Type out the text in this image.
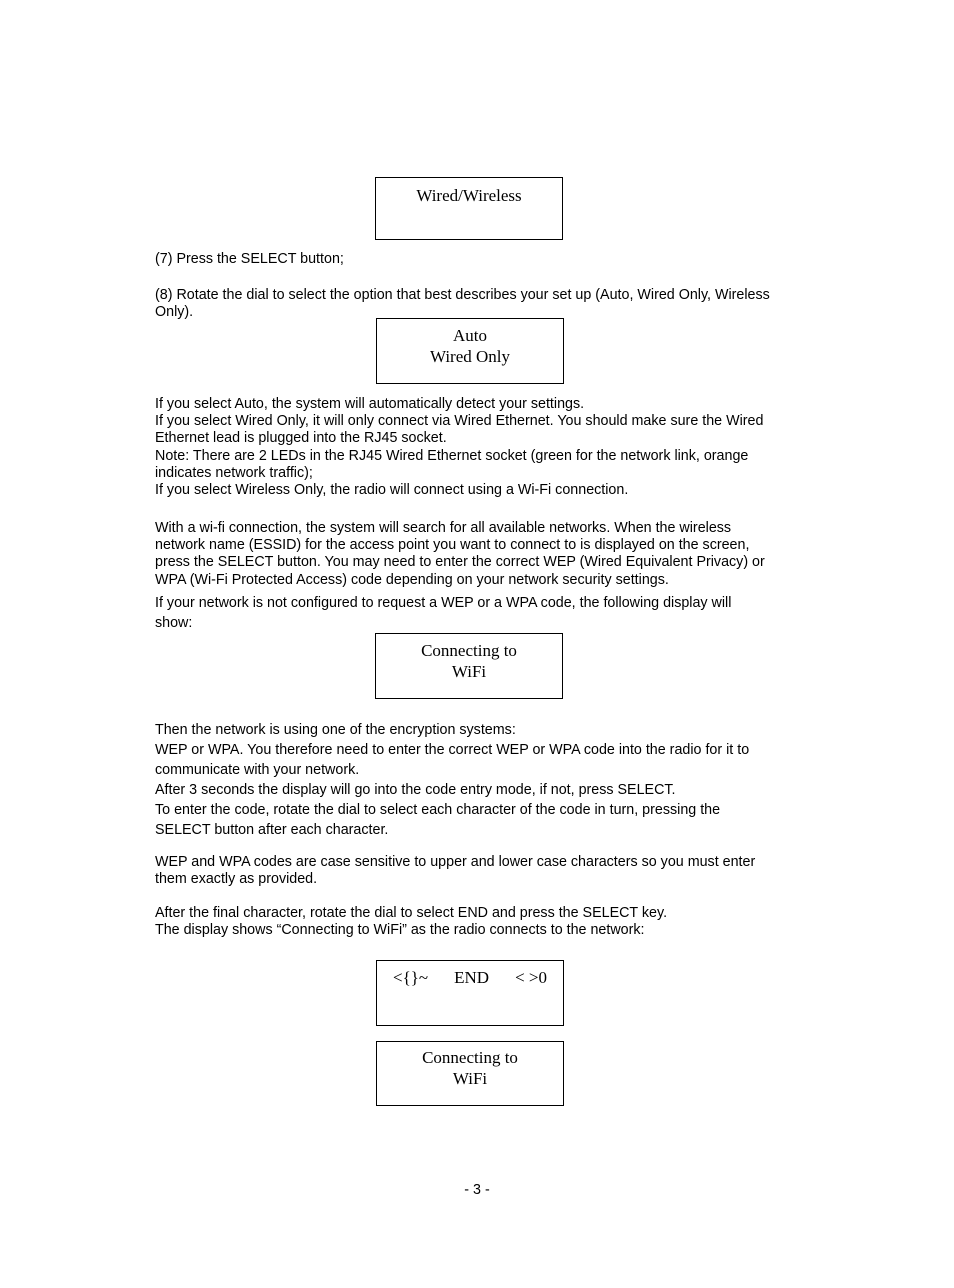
Wired/Wireless

(7) Press the SELECT button;

(8) Rotate the dial to select the option that best describes your set up (Auto, Wired Only, Wireless
Only).

Auto
Wired Only

If you select Auto, the system will automatically detect your settings.
If you select Wired Only, it will only connect via Wired Ethernet. You should make sure the Wired
Ethernet lead is plugged into the RJ45 socket.
Note: There are 2 LEDs in the RJ45 Wired Ethernet socket (green for the network link, orange
indicates network traffic);
If you select Wireless Only, the radio will connect using a Wi-Fi connection.

With a wi-fi connection, the system will search for all available networks. When the wireless
network name (ESSID) for the access point you want to connect to is displayed on the screen,
press the SELECT button. You may need to enter the correct WEP (Wired Equivalent Privacy) or
WPA (Wi-Fi Protected Access) code depending on your network security settings.

If your network is not configured to request a WEP or a WPA code, the following display will
show:

Connecting to
WiFi

Then the network is using one of the encryption systems:
WEP or WPA. You therefore need to enter the correct WEP or WPA code into the radio for it to
communicate with your network.
After 3 seconds the display will go into the code entry mode, if not, press SELECT.
To enter the code, rotate the dial to select each character of the code in turn, pressing the
SELECT button after each character.

WEP and WPA codes are case sensitive to upper and lower case characters so you must enter
them exactly as provided.

After the final character, rotate the dial to select END and press the SELECT key.
The display shows “Connecting to WiFi” as the radio connects to the network:

<{}~ END < >0
Connecting to
WiFi
- 3 -
